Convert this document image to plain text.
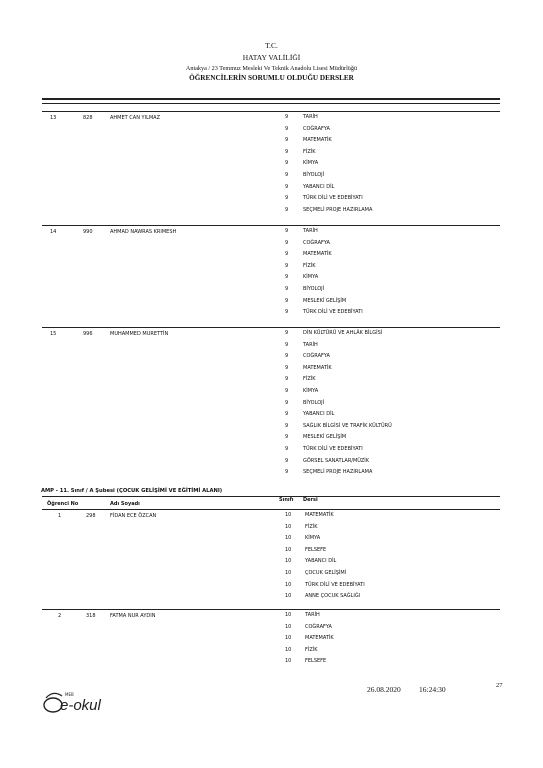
T.C.
HATAY VALİLİĞİ
Antakya / 23 Temmuz Mesleki Ve Teknik Anadolu Lisesi Müdürlüğü
ÖĞRENCİLERİN SORUMLU OLDUĞU DERSLER
13	828	AHMET CAN YILMAZ	9	TARİH
9	COĞRAFYA
9	MATEMATİK
9	FİZİK
9	KİMYA
9	BİYOLOJİ
9	YABANCI DİL
9	TÜRK DİLİ VE EDEBİYATI
9	SEÇMELİ PROJE HAZIRLAMA
14	990	AHMAD NAWRAS KRIMESH	9	TARİH
9	COĞRAFYA
9	MATEMATİK
9	FİZİK
9	KİMYA
9	BİYOLOJİ
9	MESLEKİ GELİŞİM
9	TÜRK DİLİ VE EDEBİYATI
15	996	MUHAMMED MURETTİN	9	DİN KÜLTÜRÜ VE AHLÂK BİLGİSİ
9	TARİH
9	COĞRAFYA
9	MATEMATİK
9	FİZİK
9	KİMYA
9	BİYOLOJİ
9	YABANCI DİL
9	SAĞLIK BİLGİSİ VE TRAFİK KÜLTÜRÜ
9	MESLEKİ GELİŞİM
9	TÜRK DİLİ VE EDEBİYATI
9	GÖRSEL SANATLAR/MÜZİK
9	SEÇMELİ PROJE HAZIRLAMA
AMP - 11. Sınıf / A Şubesi (ÇOCUK GELİŞİMİ VE EĞİTİMİ ALANI)
Öğrenci No	Adı Soyadı
Sınıfı Dersi
1	298	FİDAN ECE ÖZCAN	10	MATEMATİK
10	FİZİK
10	KİMYA
10	FELSEFE
10	YABANCI DİL
10	ÇOCUK GELİŞİMİ
10	TÜRK DİLİ VE EDEBİYATI
10	ANNE ÇOCUK SAĞLIĞI
2	318	FATMA NUR AYDIN	10	TARİH
10	COĞRAFYA
10	MATEMATİK
10	FİZİK
10	FELSEFE
MEB
e-okul
26.08.2020 16:24:30	27
